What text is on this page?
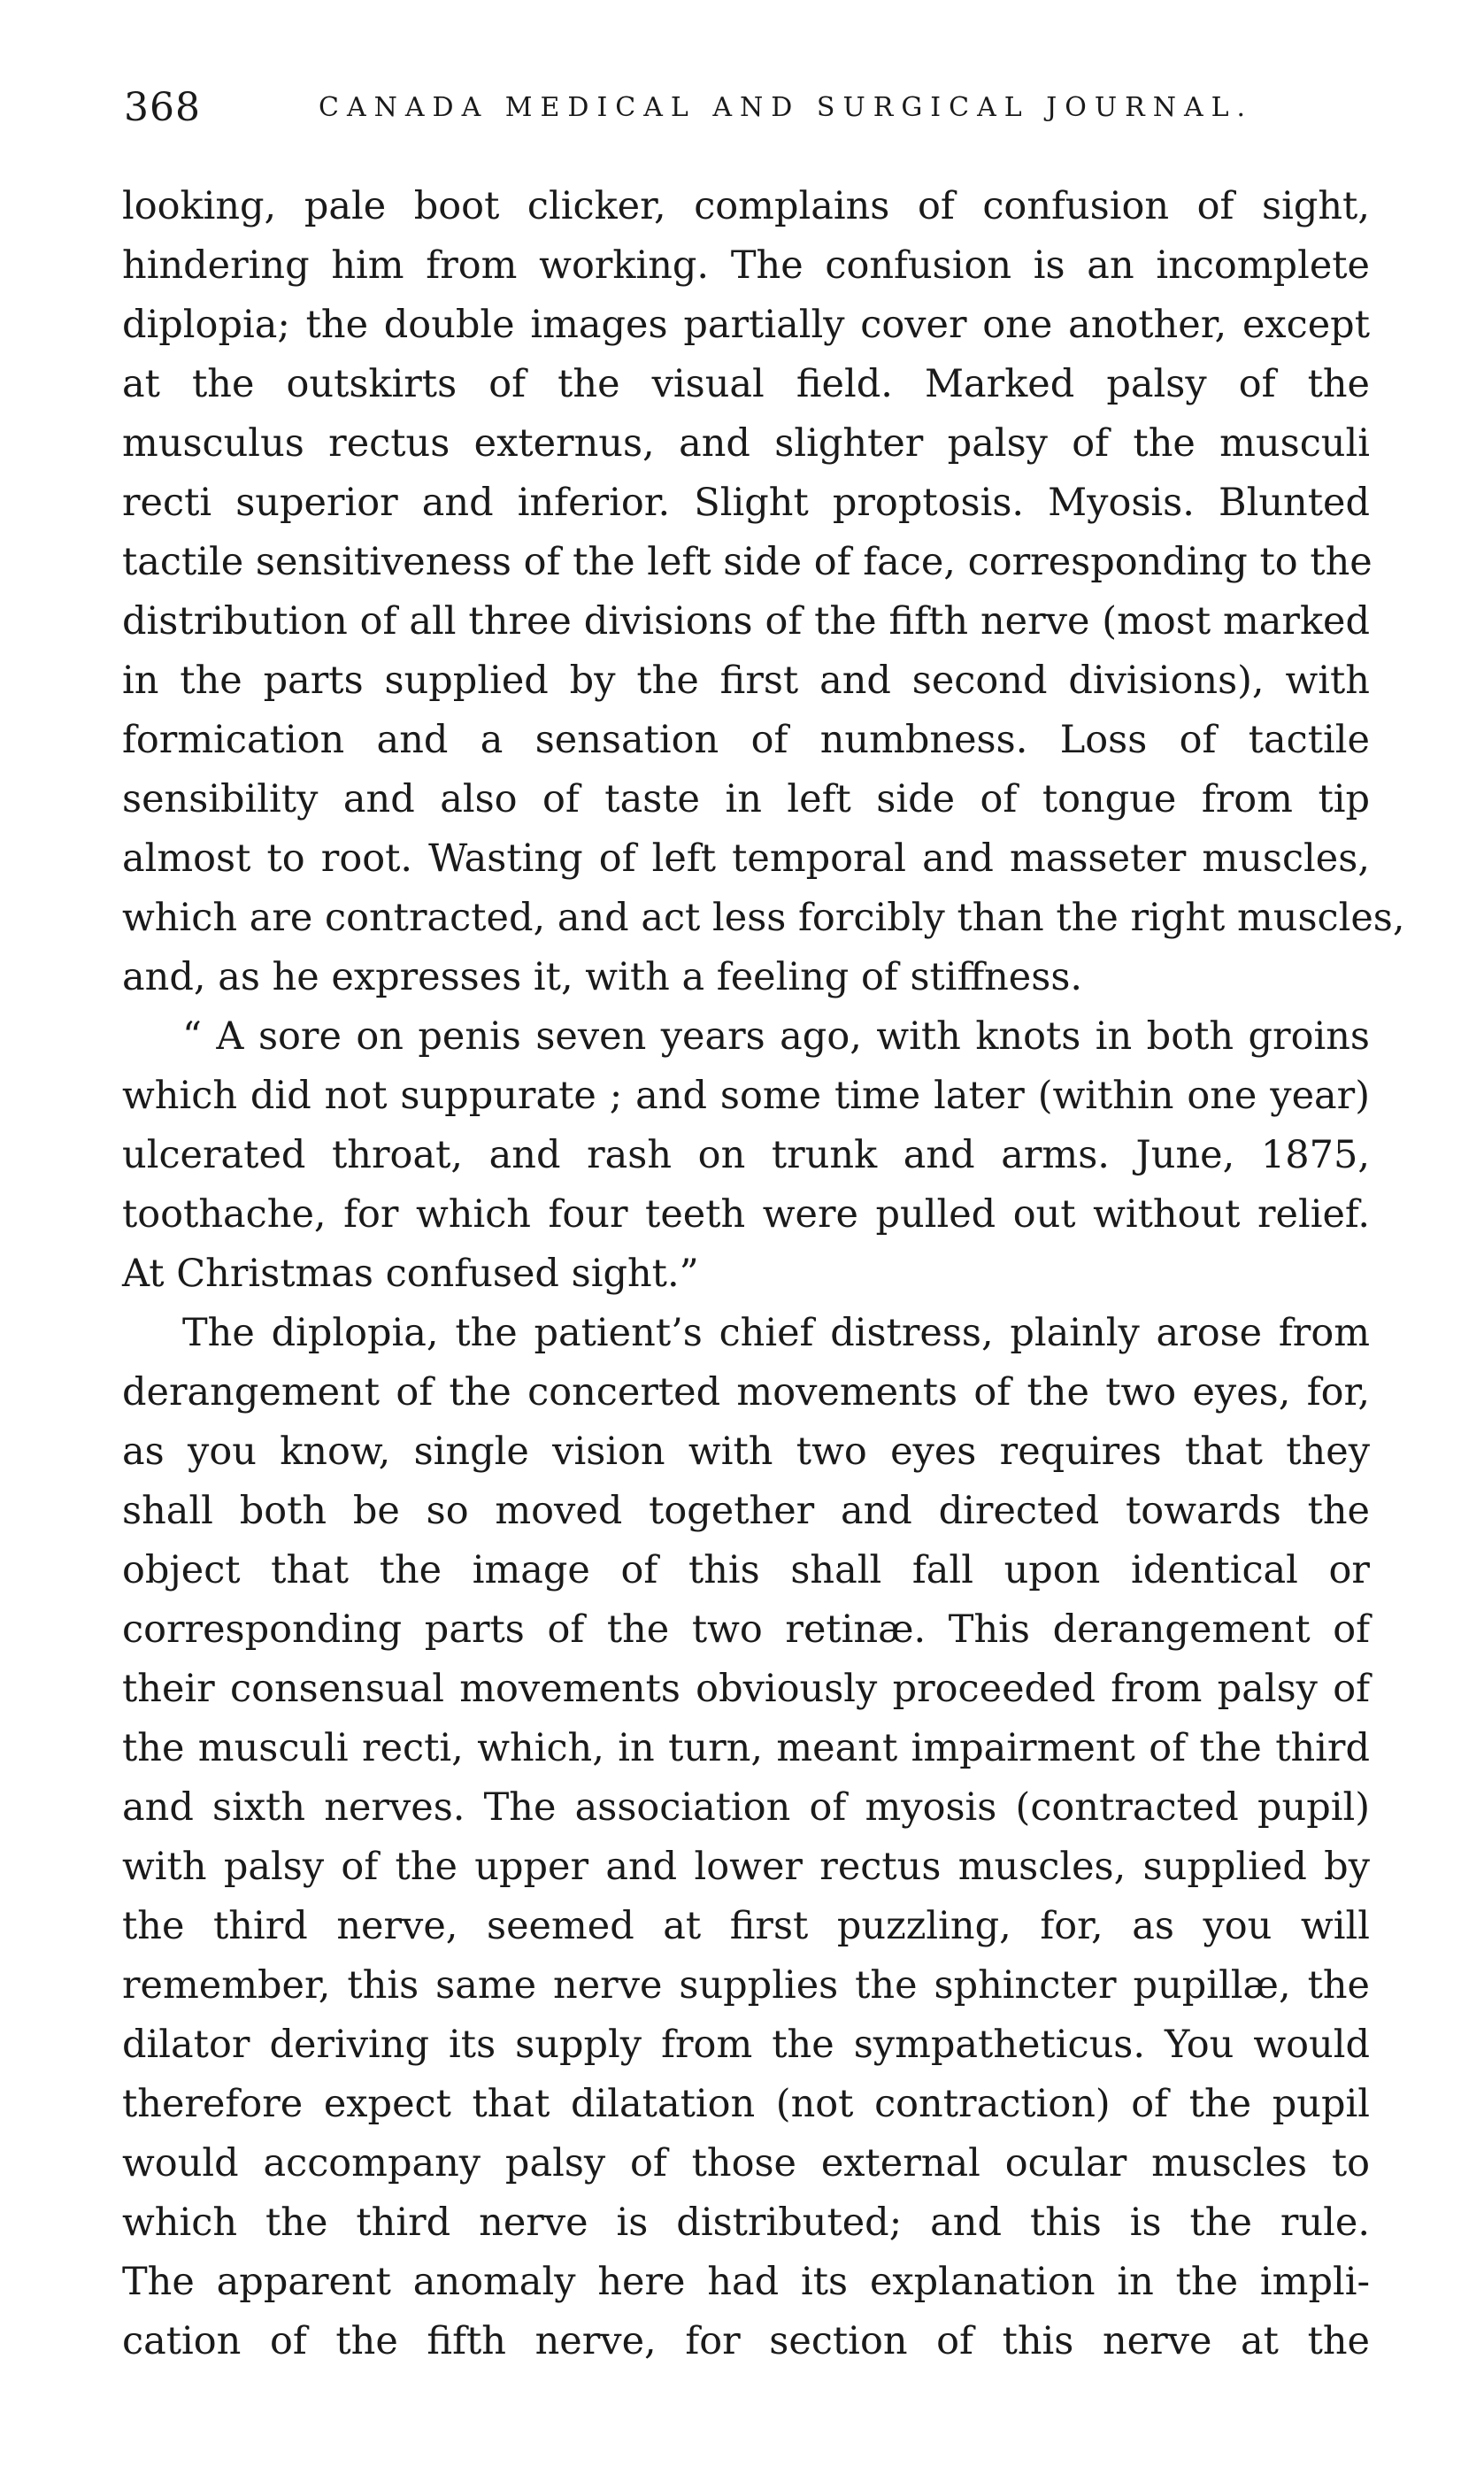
368	CANADA MEDICAL AND SURGICAL JOURNAL.
looking, pale boot clicker, complains of confusion of sight,
hindering him from working. The confusion is an incomplete
diplopia; the double images partially cover one another, except
at the outskirts of the visual field. Marked palsy of the
musculus rectus externus, and slighter palsy of the musculi
recti superior and inferior. Slight proptosis. Myosis. Blunted
tactile sensitiveness of the left side of face, corresponding to the
distribution of all three divisions of the fifth nerve (most marked
in the parts supplied by the first and second divisions), with
formication and a sensation of numbness. Loss of tactile
sensibility and also of taste in left side of tongue from tip
almost to root. Wasting of left temporal and masseter muscles,
which are contracted, and act less forcibly than the right muscles,
and, as he expresses it, with a feeling of stiffness.
“ A sore on penis seven years ago, with knots in both groins
which did not suppurate ; and some time later (within one year)
ulcerated throat, and rash on trunk and arms. June, 1875,
toothache, for which four teeth were pulled out without relief.
At Christmas confused sight.”
The diplopia, the patient’s chief distress, plainly arose from
derangement of the concerted movements of the two eyes, for,
as you know, single vision with two eyes requires that they
shall both be so moved together and directed towards the
object that the image of this shall fall upon identical or
corresponding parts of the two retinæ. This derangement of
their consensual movements obviously proceeded from palsy of
the musculi recti, which, in turn, meant impairment of the third
and sixth nerves. The association of myosis (contracted pupil)
with palsy of the upper and lower rectus muscles, supplied by
the third nerve, seemed at first puzzling, for, as you will
remember, this same nerve supplies the sphincter pupillæ, the
dilator deriving its supply from the sympatheticus. You would
therefore expect that dilatation (not contraction) of the pupil
would accompany palsy of those external ocular muscles to
which the third nerve is distributed; and this is the rule.
The apparent anomaly here had its explanation in the impli-
cation of the fifth nerve, for section of this nerve at the
